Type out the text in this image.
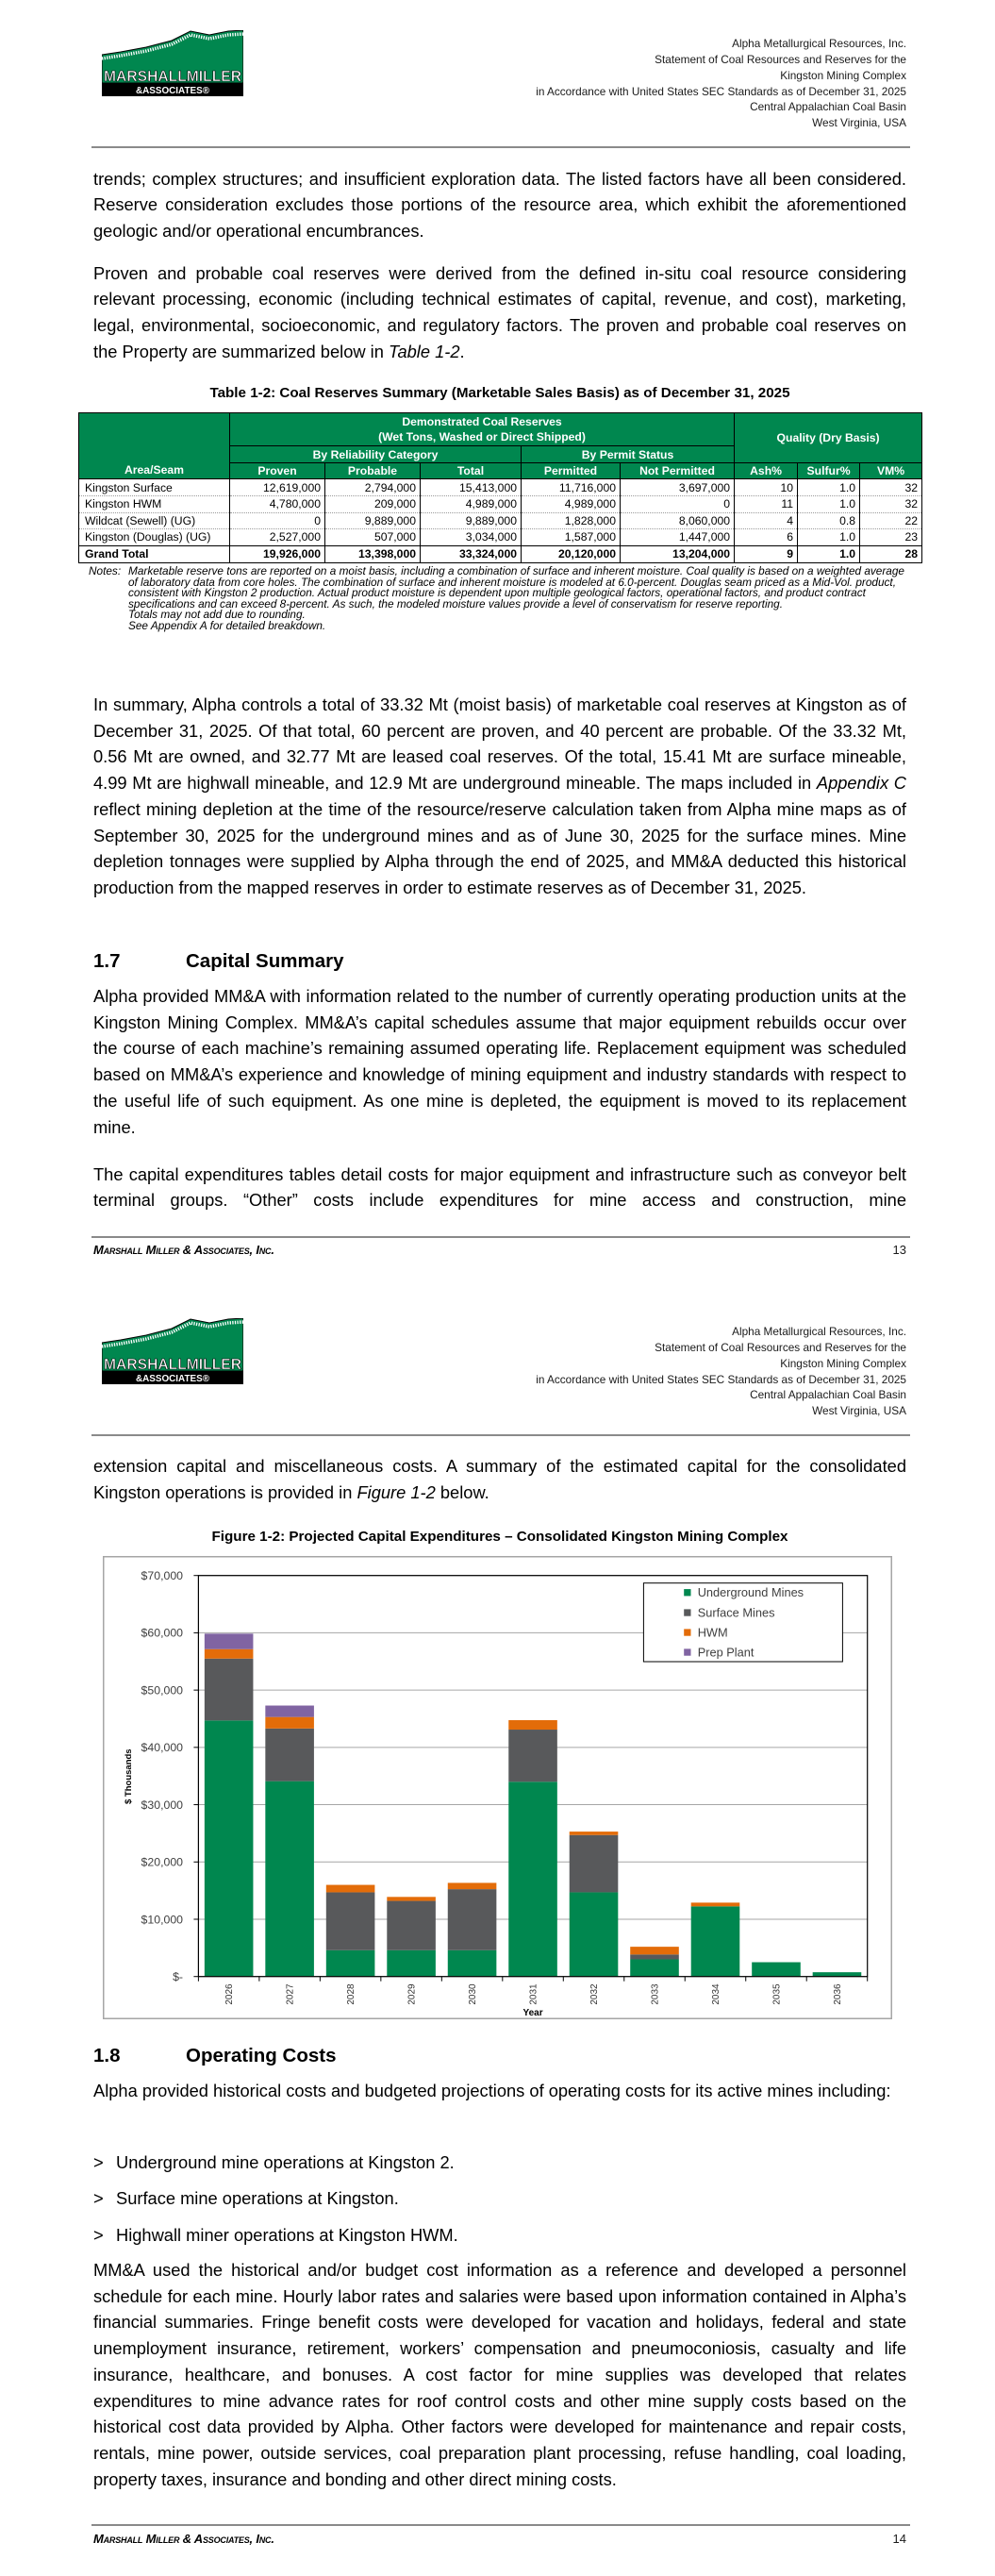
MARSHALLMILLER
&ASSOCIATES®
Alpha Metallurgical Resources, Inc.
Statement of Coal Resources and Reserves for the
Kingston Mining Complex
in Accordance with United States SEC Standards as of December 31, 2025
Central Appalachian Coal Basin
West Virginia, USA

trends; complex structures; and insufficient exploration data. The listed factors have all been considered. Reserve consideration excludes those portions of the resource area, which exhibit the aforementioned geologic and/or operational encumbrances.

Proven and probable coal reserves were derived from the defined in-situ coal resource considering relevant processing, economic (including technical estimates of capital, revenue, and cost), marketing, legal, environmental, socioeconomic, and regulatory factors. The proven and probable coal reserves on the Property are summarized below in Table 1-2.

Table 1-2: Coal Reserves Summary (Marketable Sales Basis) as of December 31, 2025
Area/Seam	Demonstrated Coal Reserves
(Wet Tons, Washed or Direct Shipped)					Quality (Dry Basis)		
	By Reliability Category			By Permit Status				
	Proven	Probable	Total	Permitted	Not Permitted	Ash%	Sulfur%	VM%
Kingston Surface	12,619,000	2,794,000	15,413,000	11,716,000	3,697,000	10	1.0	32
Kingston HWM	4,780,000	209,000	4,989,000	4,989,000	0	11	1.0	32
Wildcat (Sewell) (UG)	0	9,889,000	9,889,000	1,828,000	8,060,000	4	0.8	22
Kingston (Douglas) (UG)	2,527,000	507,000	3,034,000	1,587,000	1,447,000	6	1.0	23
Grand Total	19,926,000	13,398,000	33,324,000	20,120,000	13,204,000	9	1.0	28
Notes: Marketable reserve tons are reported on a moist basis, including a combination of surface and inherent moisture. Coal quality is based on a weighted average of laboratory data from core holes. The combination of surface and inherent moisture is modeled at 6.0-percent. Douglas seam priced as a Mid-Vol. product, consistent with Kingston 2 production. Actual product moisture is dependent upon multiple geological factors, operational factors, and product contract specifications and can exceed 8-percent. As such, the modeled moisture values provide a level of conservatism for reserve reporting.
Totals may not add due to rounding.
See Appendix A for detailed breakdown.

In summary, Alpha controls a total of 33.32 Mt (moist basis) of marketable coal reserves at Kingston as of December 31, 2025. Of that total, 60 percent are proven, and 40 percent are probable. Of the 33.32 Mt, 0.56 Mt are owned, and 32.77 Mt are leased coal reserves. Of the total, 15.41 Mt are surface mineable, 4.99 Mt are highwall mineable, and 12.9 Mt are underground mineable. The maps included in Appendix C reflect mining depletion at the time of the resource/reserve calculation taken from Alpha mine maps as of September 30, 2025 for the underground mines and as of June 30, 2025 for the surface mines. Mine depletion tonnages were supplied by Alpha through the end of 2025, and MM&A deducted this historical production from the mapped reserves in order to estimate reserves as of December 31, 2025.

1.7	Capital Summary

Alpha provided MM&A with information related to the number of currently operating production units at the Kingston Mining Complex. MM&A’s capital schedules assume that major equipment rebuilds occur over the course of each machine’s remaining assumed operating life. Replacement equipment was scheduled based on MM&A’s experience and knowledge of mining equipment and industry standards with respect to the useful life of such equipment. As one mine is depleted, the equipment is moved to its replacement mine.

The capital expenditures tables detail costs for major equipment and infrastructure such as conveyor belt terminal groups. “Other” costs include expenditures for mine access and construction, mine

Marshall Miller & Associates, Inc.	13
MARSHALLMILLER
&ASSOCIATES®
Alpha Metallurgical Resources, Inc.
Statement of Coal Resources and Reserves for the
Kingston Mining Complex
in Accordance with United States SEC Standards as of December 31, 2025
Central Appalachian Coal Basin
West Virginia, USA

extension capital and miscellaneous costs. A summary of the estimated capital for the consolidated Kingston operations is provided in Figure 1-2 below.

Figure 1-2: Projected Capital Expenditures – Consolidated Kingston Mining Complex
$-
$10,000
$20,000
$30,000
$40,000
$50,000
$60,000
$70,000
2026	2027	2028	2029	2030	2031	2032	2033	2034	2035	2036
Year
$ Thousands
Underground Mines
Surface Mines
HWM
Prep Plant
1.8	Operating Costs

Alpha provided historical costs and budgeted projections of operating costs for its active mines including:

> Underground mine operations at Kingston 2.
> Surface mine operations at Kingston.
> Highwall miner operations at Kingston HWM.

MM&A used the historical and/or budget cost information as a reference and developed a personnel schedule for each mine. Hourly labor rates and salaries were based upon information contained in Alpha’s financial summaries. Fringe benefit costs were developed for vacation and holidays, federal and state unemployment insurance, retirement, workers’ compensation and pneumoconiosis, casualty and life insurance, healthcare, and bonuses. A cost factor for mine supplies was developed that relates expenditures to mine advance rates for roof control costs and other mine supply costs based on the historical cost data provided by Alpha. Other factors were developed for maintenance and repair costs, rentals, mine power, outside services, coal preparation plant processing, refuse handling, coal loading, property taxes, insurance and bonding and other direct mining costs.

Marshall Miller & Associates, Inc.	14
